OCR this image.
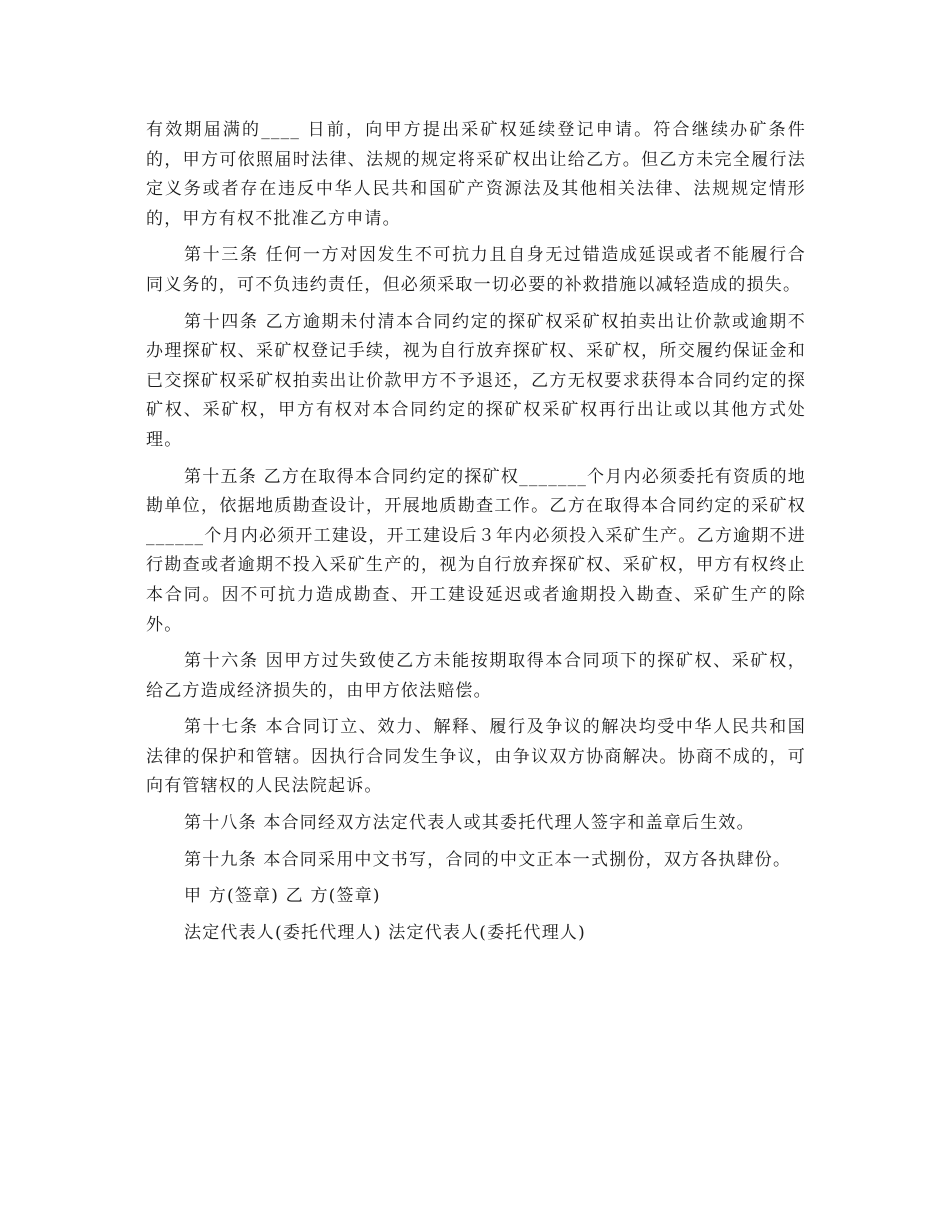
有效期届满的____ 日前，向甲方提出采矿权延续登记申请。符合继续办矿条件的，甲方可依照届时法律、法规的规定将采矿权出让给乙方。但乙方未完全履行法定义务或者存在违反中华人民共和国矿产资源法及其他相关法律、法规规定情形的，甲方有权不批准乙方申请。

第十三条 任何一方对因发生不可抗力且自身无过错造成延误或者不能履行合同义务的，可不负违约责任，但必须采取一切必要的补救措施以减轻造成的损失。

第十四条 乙方逾期未付清本合同约定的探矿权采矿权拍卖出让价款或逾期不办理探矿权、采矿权登记手续，视为自行放弃探矿权、采矿权，所交履约保证金和已交探矿权采矿权拍卖出让价款甲方不予退还，乙方无权要求获得本合同约定的探矿权、采矿权，甲方有权对本合同约定的探矿权采矿权再行出让或以其他方式处理。

第十五条 乙方在取得本合同约定的探矿权_______个月内必须委托有资质的地勘单位，依据地质勘查设计，开展地质勘查工作。乙方在取得本合同约定的采矿权 ______个月内必须开工建设，开工建设后３年内必须投入采矿生产。乙方逾期不进行勘查或者逾期不投入采矿生产的，视为自行放弃探矿权、采矿权，甲方有权终止本合同。因不可抗力造成勘查、开工建设延迟或者逾期投入勘查、采矿生产的除外。

第十六条 因甲方过失致使乙方未能按期取得本合同项下的探矿权、采矿权，给乙方造成经济损失的，由甲方依法赔偿。

第十七条 本合同订立、效力、解释、履行及争议的解决均受中华人民共和国法律的保护和管辖。因执行合同发生争议，由争议双方协商解决。协商不成的，可向有管辖权的人民法院起诉。

第十八条 本合同经双方法定代表人或其委托代理人签字和盖章后生效。

第十九条 本合同采用中文书写，合同的中文正本一式捌份，双方各执肆份。

甲 方(签章) 乙 方(签章)

法定代表人(委托代理人) 法定代表人(委托代理人)
